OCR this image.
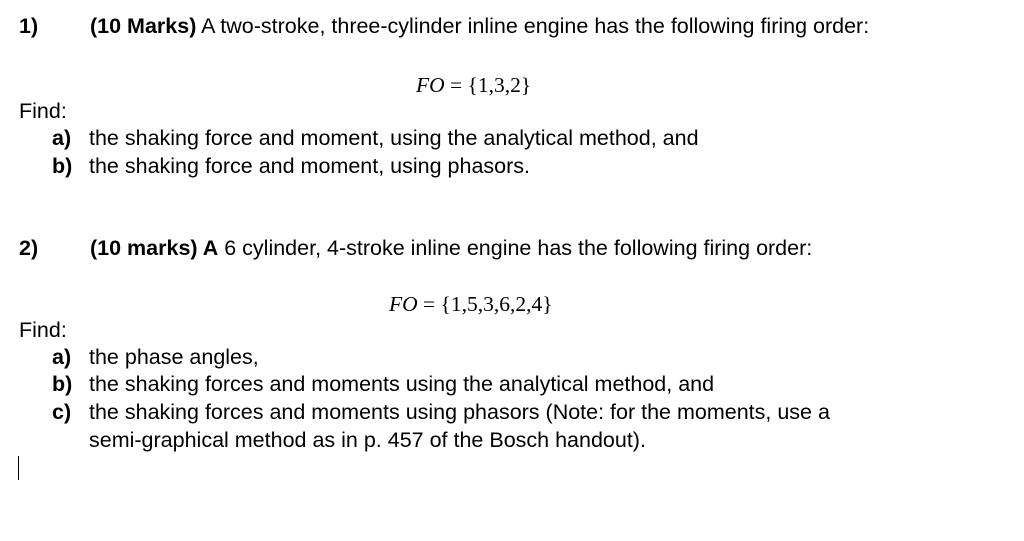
1) (10 Marks) A two-stroke, three-cylinder inline engine has the following firing order:
FO = {1,3,2}
Find:
a) the shaking force and moment, using the analytical method, and
b) the shaking force and moment, using phasors.
2) (10 marks) A 6 cylinder, 4-stroke inline engine has the following firing order:
FO = {1,5,3,6,2,4}
Find:
a) the phase angles,
b) the shaking forces and moments using the analytical method, and
c) the shaking forces and moments using phasors (Note: for the moments, use a
semi-graphical method as in p. 457 of the Bosch handout).
